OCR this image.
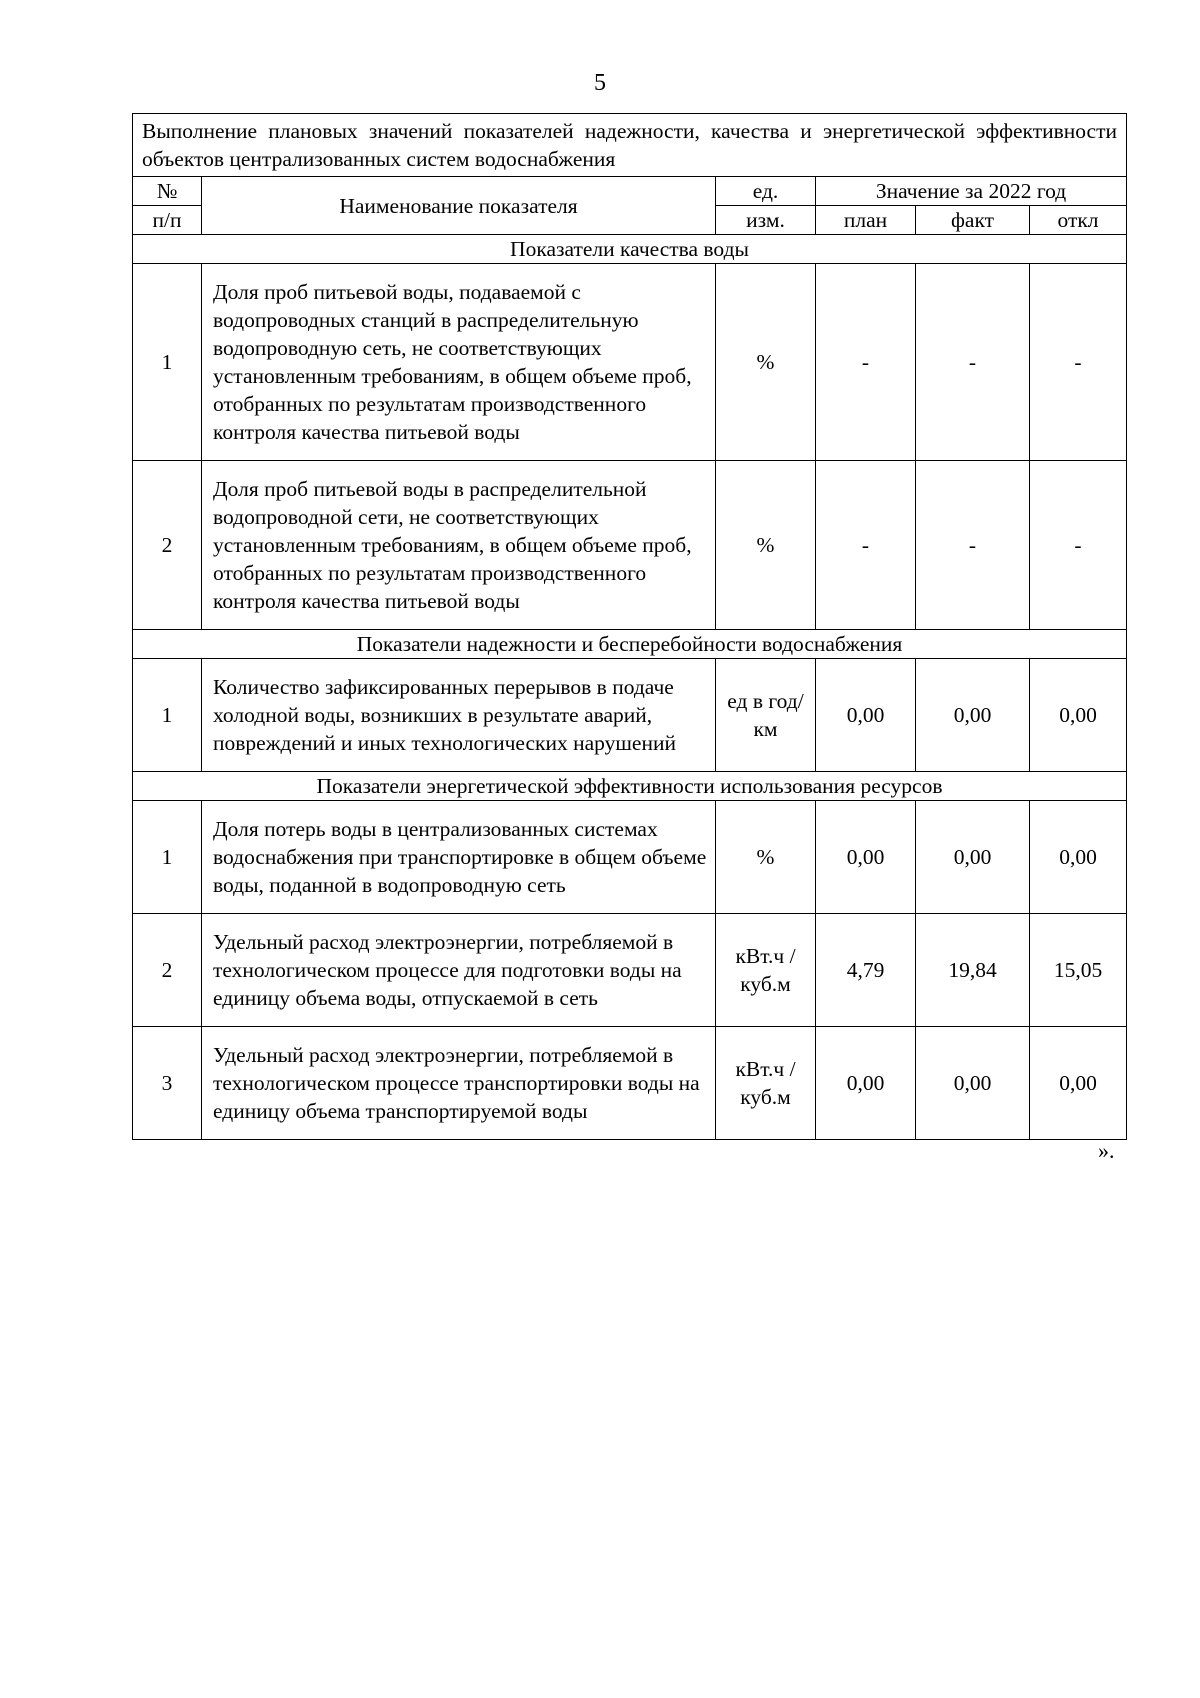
5
Выполнение плановых значений показателей надежности, качества и энергетической эффективности объектов централизованных систем водоснабжения					
№	Наименование показателя	ед.	Значение за 2022 год		
п/п		изм.	план	факт	откл
Показатели качества воды					
1	Доля проб питьевой воды, подаваемой с водопроводных станций в распределительную водопроводную сеть, не соответствующих установленным требованиям, в общем объеме проб, отобранных по результатам производственного контроля качества питьевой воды	%	-	-	-
2	Доля проб питьевой воды в распределительной водопроводной сети, не соответствующих установленным требованиям, в общем объеме проб, отобранных по результатам производственного контроля качества питьевой воды	%	-	-	-
Показатели надежности и бесперебойности водоснабжения					
1	Количество зафиксированных перерывов в подаче холодной воды, возникших в результате аварий, повреждений и иных технологических нарушений	ед в год/ км	0,00	0,00	0,00
Показатели энергетической эффективности использования ресурсов					
1	Доля потерь воды в централизованных системах водоснабжения при транспортировке в общем объеме воды, поданной в водопроводную сеть	%	0,00	0,00	0,00
2	Удельный расход электроэнергии, потребляемой в технологическом процессе для подготовки воды на единицу объема воды, отпускаемой в сеть	кВт.ч / куб.м	4,79	19,84	15,05
3	Удельный расход электроэнергии, потребляемой в технологическом процессе транспортировки воды на единицу объема транспортируемой воды	кВт.ч / куб.м	0,00	0,00	0,00
».
